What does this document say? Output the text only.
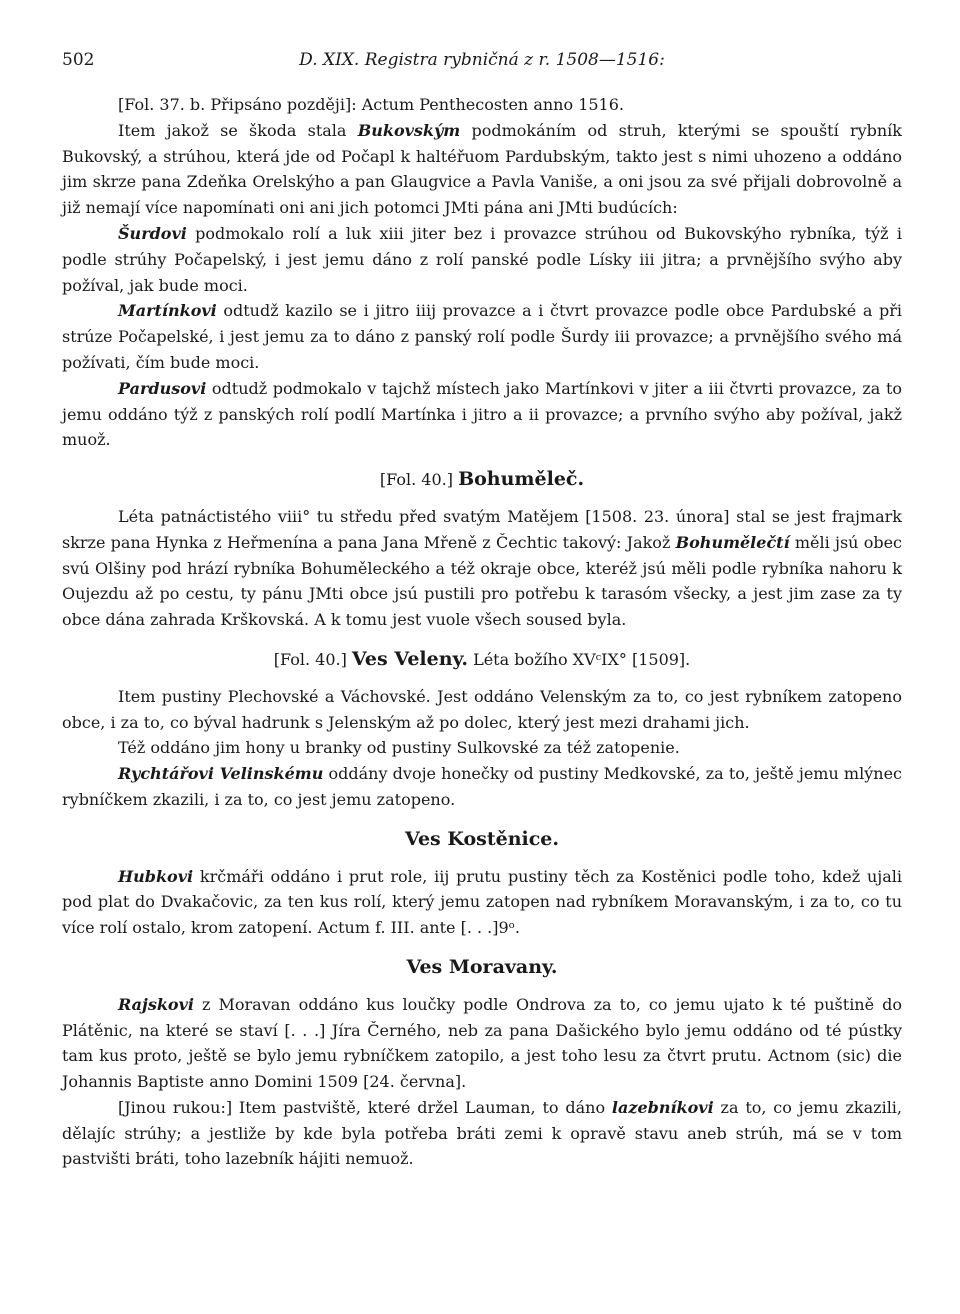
502	D. XIX. Registra rybničná z r. 1508—1516:

[Fol. 37. b. Připsáno později]: Actum Penthecosten anno 1516.

Item jakož se škoda stala Bukovským podmokáním od struh, kterými se spouští rybník Bukovský, a strúhou, která jde od Počapl k haltéřuom Pardubským, takto jest s nimi uhozeno a oddáno jim skrze pana Zdeňka Orelskýho a pan Glaugvice a Pavla Vaniše, a oni jsou za své přijali dobrovolně a již nemají více napomínati oni ani jich potomci JMti pána ani JMti budúcích:

Šurdovi podmokalo rolí a luk xiii jiter bez i provazce strúhou od Bukovskýho rybníka, týž i podle strúhy Počapelský, i jest jemu dáno z rolí panské podle Lísky iii jitra; a prvnějšího svýho aby požíval, jak bude moci.

Martínkovi odtudž kazilo se i jitro iiij provazce a i čtvrt provazce podle obce Pardubské a při strúze Počapelské, i jest jemu za to dáno z panský rolí podle Šurdy iii provazce; a prvnějšího svého má požívati, čím bude moci.

Pardusovi odtudž podmokalo v tajchž místech jako Martínkovi v jiter a iii čtvrti provazce, za to jemu oddáno týž z panských rolí podlí Martínka i jitro a ii provazce; a prvního svýho aby požíval, jakž muož.

[Fol. 40.] Bohuměleč.

Léta patnáctistého viii° tu středu před svatým Matějem [1508. 23. února] stal se jest frajmark skrze pana Hynka z Heřmenína a pana Jana Mřeně z Čechtic takový: Jakož Bohumělečtí měli jsú obec svú Olšiny pod hrází rybníka Bohuměleckého a též okraje obce, kteréž jsú měli podle rybníka nahoru k Oujezdu až po cestu, ty pánu JMti obce jsú pustili pro potřebu k tarasóm všecky, a jest jim zase za ty obce dána zahrada Krškovská. A k tomu jest vuole všech soused byla.

[Fol. 40.] Ves Veleny. Léta božího XVᶜIX° [1509].

Item pustiny Plechovské a Váchovské. Jest oddáno Velenským za to, co jest rybníkem zatopeno obce, i za to, co býval hadrunk s Jelenským až po dolec, který jest mezi drahami jich.

Též oddáno jim hony u branky od pustiny Sulkovské za též zatopenie.

Rychtářovi Velinskému oddány dvoje honečky od pustiny Medkovské, za to, ještě jemu mlýnec rybníčkem zkazili, i za to, co jest jemu zatopeno.

Ves Kostěnice.

Hubkovi krčmáři oddáno i prut role, iij prutu pustiny těch za Kostěnici podle toho, kdež ujali pod plat do Dvakačovic, za ten kus rolí, který jemu zatopen nad rybníkem Moravanským, i za to, co tu více rolí ostalo, krom zatopení. Actum f. III. ante [. . .]9ᵒ.

Ves Moravany.

Rajskovi z Moravan oddáno kus loučky podle Ondrova za to, co jemu ujato k té puštině do Plátěnic, na které se staví [. . .] Jíra Černého, neb za pana Dašického bylo jemu oddáno od té pústky tam kus proto, ještě se bylo jemu rybníčkem zatopilo, a jest toho lesu za čtvrt prutu. Actnom (sic) die Johannis Baptiste anno Domini 1509 [24. června].

[Jinou rukou:] Item pastviště, které držel Lauman, to dáno lazebníkovi za to, co jemu zkazili, dělajíc strúhy; a jestliže by kde byla potřeba bráti zemi k opravě stavu aneb strúh, má se v tom pastvišti bráti, toho lazebník hájiti nemuož.
